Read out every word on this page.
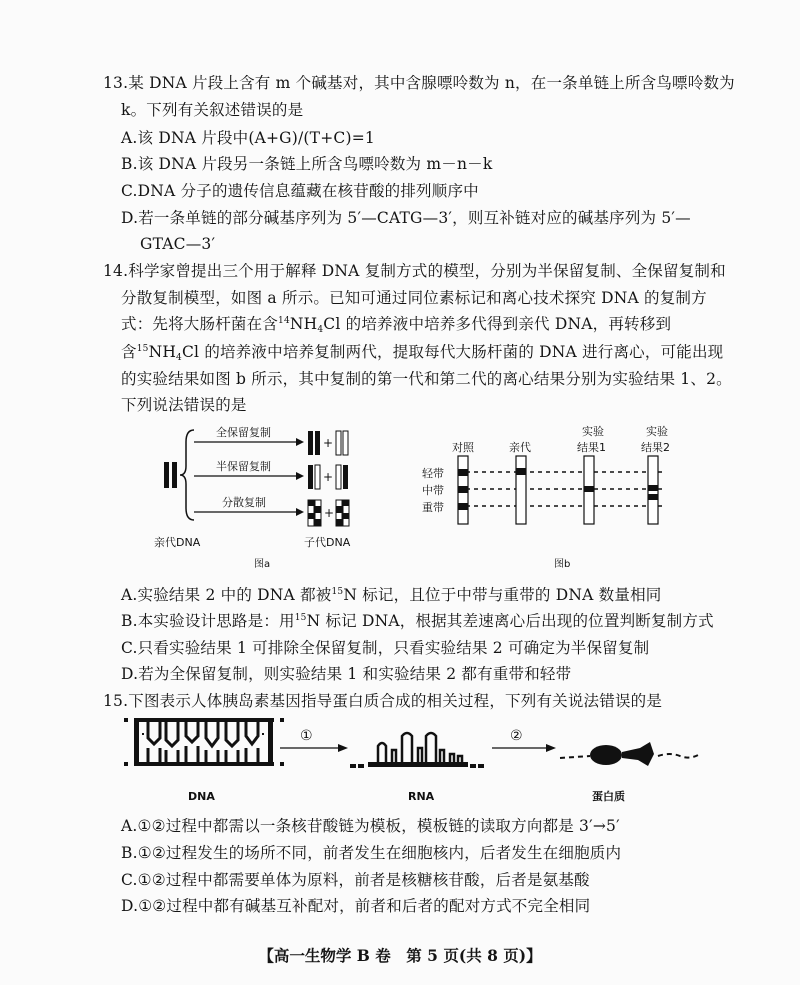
13.某 DNA 片段上含有 m 个碱基对，其中含腺嘌呤数为 n，在一条单链上所含鸟嘌呤数为
k。下列有关叙述错误的是
A.该 DNA 片段中(A+G)/(T+C)=1
B.该 DNA 片段另一条链上所含鸟嘌呤数为 m－n－k
C.DNA 分子的遗传信息蕴藏在核苷酸的排列顺序中
D.若一条单链的部分碱基序列为 5′—CATG—3′，则互补链对应的碱基序列为 5′—
GTAC—3′
14.科学家曾提出三个用于解释 DNA 复制方式的模型，分别为半保留复制、全保留复制和
分散复制模型，如图 a 所示。已知可通过同位素标记和离心技术探究 DNA 的复制方
式：先将大肠杆菌在含$^{14}NH_4Cl$ 的培养液中培养多代得到亲代 DNA，再转移到
含$^{15}NH_4Cl$ 的培养液中培养复制两代，提取每代大肠杆菌的 DNA 进行离心，可能出现
的实验结果如图 b 所示，其中复制的第一代和第二代的离心结果分别为实验结果 1、2。
下列说法错误的是
全保留复制
半保留复制
分散复制
+
+
+
亲代DNA	子代DNA
图a
对照	亲代
实验
结果1
实验
结果2
轻带
中带
重带
图b
A.实验结果 2 中的 DNA 都被$^{15}$N 标记，且位于中带与重带的 DNA 数量相同
B.本实验设计思路是：用$^{15}$N 标记 DNA，根据其差速离心后出现的位置判断复制方式
C.只看实验结果 1 可排除全保留复制，只看实验结果 2 可确定为半保留复制
D.若为全保留复制，则实验结果 1 和实验结果 2 都有重带和轻带
15.下图表示人体胰岛素基因指导蛋白质合成的相关过程，下列有关说法错误的是
①	②
DNA	RNA	蛋白质
A.①②过程中都需以一条核苷酸链为模板，模板链的读取方向都是 3′→5′
B.①②过程发生的场所不同，前者发生在细胞核内，后者发生在细胞质内
C.①②过程中都需要单体为原料，前者是核糖核苷酸，后者是氨基酸
D.①②过程中都有碱基互补配对，前者和后者的配对方式不完全相同
【高一生物学 B 卷　第 5 页(共 8 页)】
